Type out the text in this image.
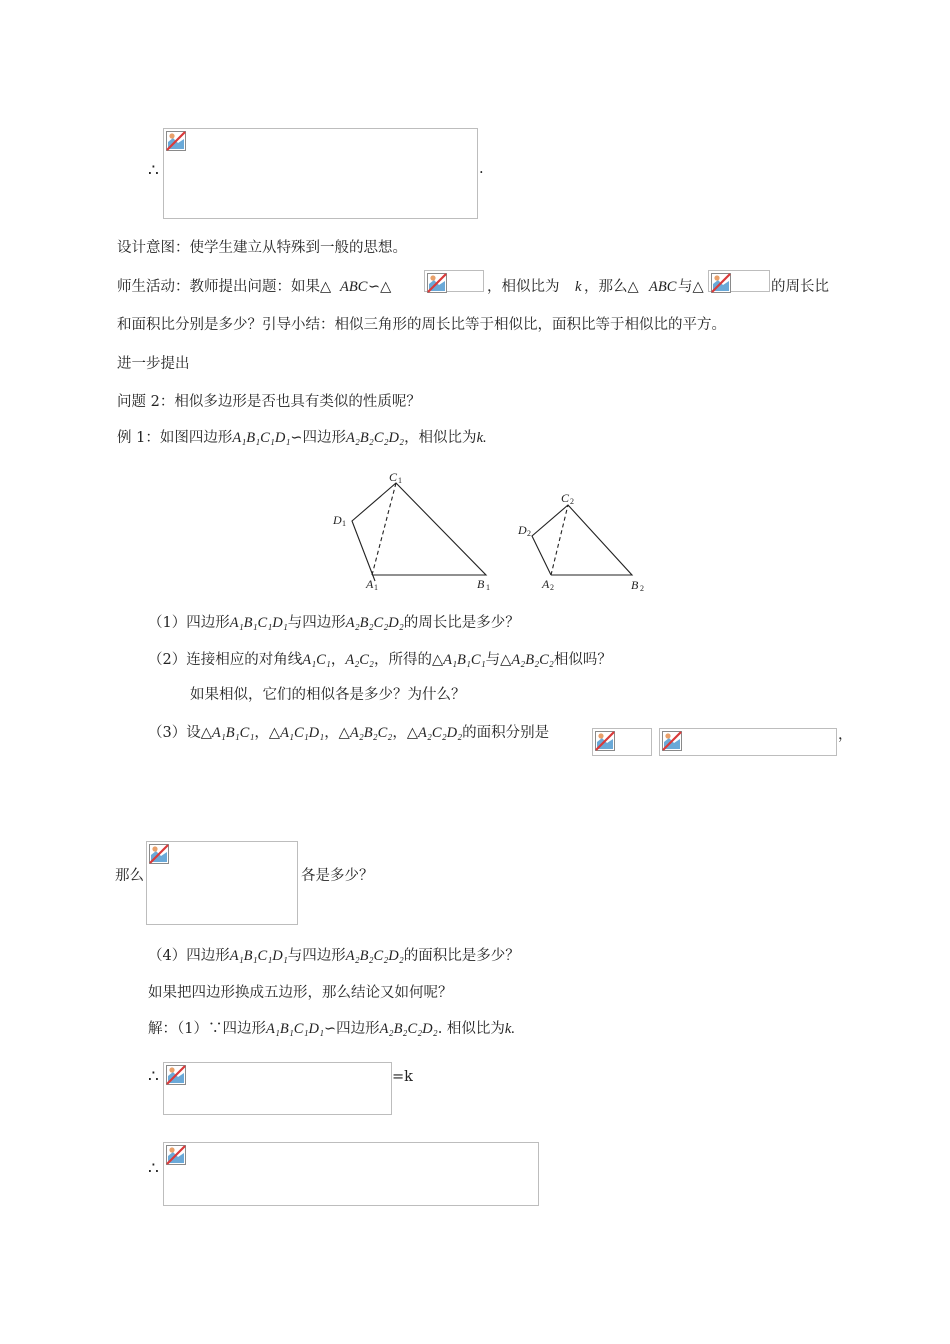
∴	.
设计意图：使学生建立从特殊到一般的思想。
师生活动：教师提出问题：如果△ ABC ∽△	，相似比为 k ，那么△ ABC 与△	的周长比
和面积比分别是多少？引导小结：相似三角形的周长比等于相似比，面积比等于相似比的平方。
进一步提出
问题 2：相似多边形是否也具有类似的性质呢？
例 1：如图四边形A₁B₁C₁D₁∽四边形A₂B₂C₂D₂，相似比为k.
C 1
D 1
A 1	B 1
C 2
D 2
A 2	B 2
（1）四边形A₁B₁C₁D₁与四边形A₂B₂C₂D₂的周长比是多少？
（2）连接相应的对角线A₁C₁，A₂C₂，所得的△A₁B₁C₁与△A₂B₂C₂相似吗？
如果相似，它们的相似各是多少？为什么？
（3）设△A₁B₁C₁，△A₁C₁D₁，△A₂B₂C₂，△A₂C₂D₂的面积分别是	，
那么	各是多少？
（4）四边形A₁B₁C₁D₁与四边形A₂B₂C₂D₂的面积比是多少？
如果把四边形换成五边形，那么结论又如何呢？
解：（1）∵四边形A₁B₁C₁D₁∽四边形A₂B₂C₂D₂. 相似比为k.
∴	=k
∴
